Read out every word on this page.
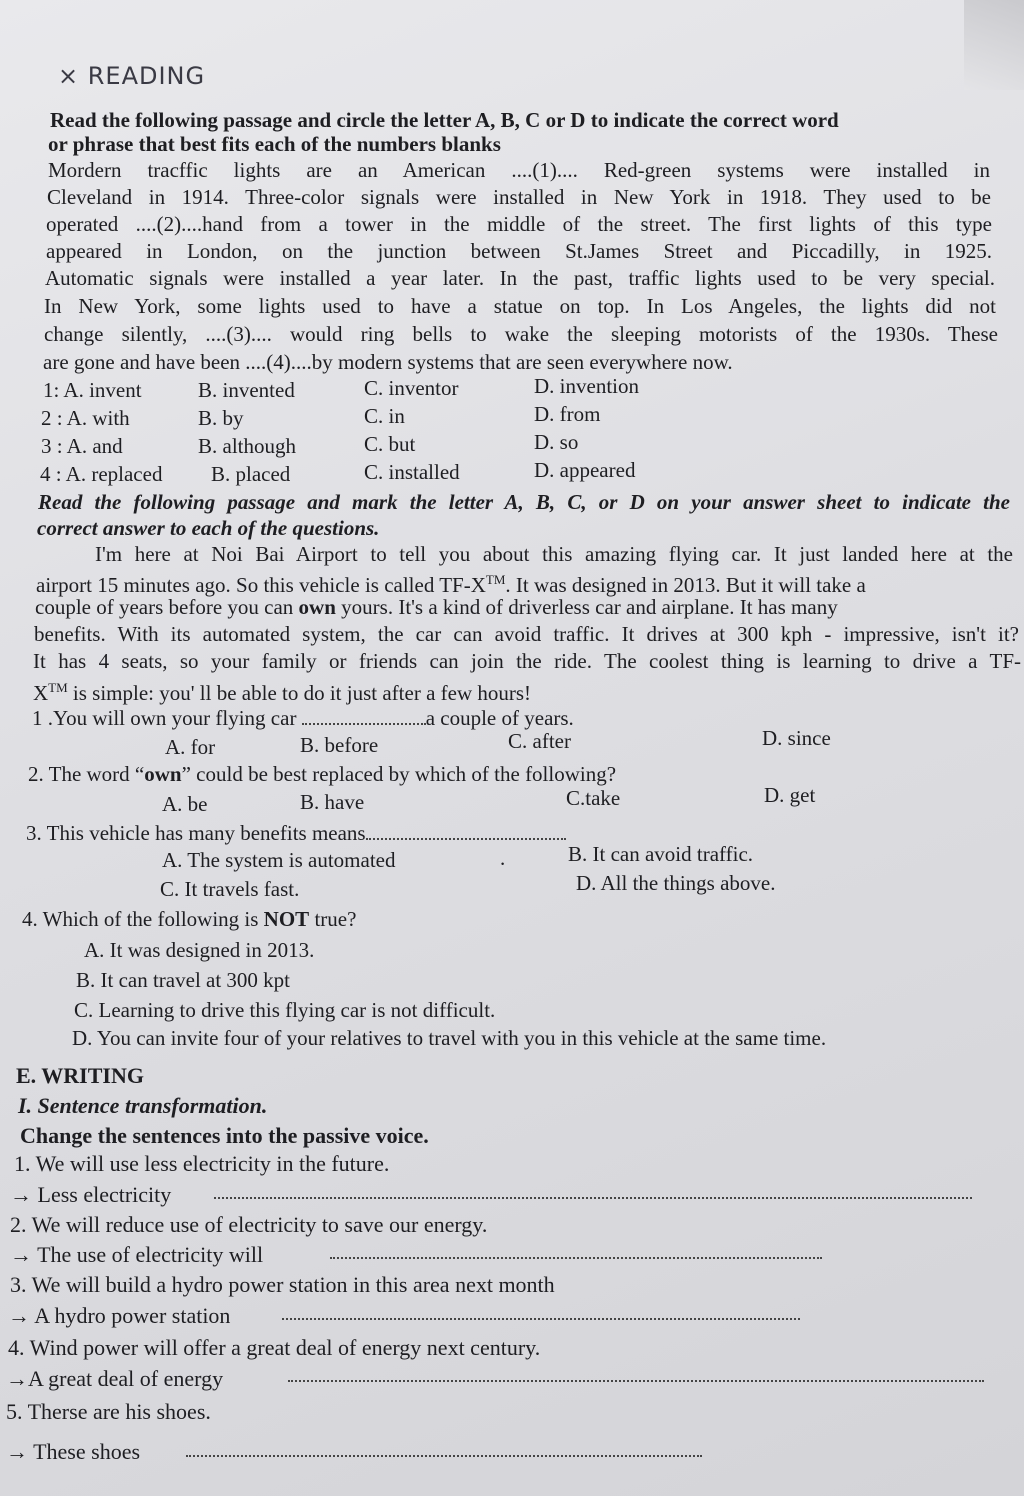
× READING
Read the following passage and circle the letter A, B, C or D to indicate the correct word
or phrase that best fits each of the numbers blanks
Mordern tracffic lights are an American ....(1).... Red-green systems were installed in
Cleveland in 1914. Three-color signals were installed in New York in 1918. They used to be
operated ....(2)....hand from a tower in the middle of the street. The first lights of this type
appeared in London, on the junction between St.James Street and Piccadilly, in 1925.
Automatic signals were installed a year later. In the past, traffic lights used to be very special.
In New York, some lights used to have a statue on top. In Los Angeles, the lights did not
change silently, ....(3).... would ring bells to wake the sleeping motorists of the 1930s. These
are gone and have been ....(4)....by modern systems that are seen everywhere now.
1: A. invent	B. invented	C. inventor	D. invention
2 : A. with	B. by	C. in	D. from
3 : A. and	B. although	C. but	D. so
4 : A. replaced B. placed	C. installed	D. appeared
Read the following passage and mark the letter A, B, C, or D on your answer sheet to indicate the
correct answer to each of the questions.
I'm here at Noi Bai Airport to tell you about this amazing flying car. It just landed here at the
airport 15 minutes ago. So this vehicle is called TF-X™. It was designed in 2013. But it will take a
couple of years before you can own yours. It's a kind of driverless car and airplane. It has many
benefits. With its automated system, the car can avoid traffic. It drives at 300 kph - impressive, isn't it?
It has 4 seats, so your family or friends can join the ride. The coolest thing is learning to drive a TF-
X™ is simple: you' ll be able to do it just after a few hours!
1 .You will own your flying car	a couple of years.
A. for	B. before	C. after	D. since
2. The word “own” could be best replaced by which of the following?
A. be	B. have	C.take	D. get
3. This vehicle has many benefits means
A. The system is automated	.	B. It can avoid traffic.
C. It travels fast.	D. All the things above.
4. Which of the following is NOT true?
A. It was designed in 2013.
B. It can travel at 300 kpt
C. Learning to drive this flying car is not difficult.
D. You can invite four of your relatives to travel with you in this vehicle at the same time.
E. WRITING
I. Sentence transformation.
Change the sentences into the passive voice.
1. We will use less electricity in the future.
→ Less electricity
2. We will reduce use of electricity to save our energy.
→ The use of electricity will
3. We will build a hydro power station in this area next month
→ A hydro power station
4. Wind power will offer a great deal of energy next century.
→A great deal of energy
5. Therse are his shoes.
→ These shoes
